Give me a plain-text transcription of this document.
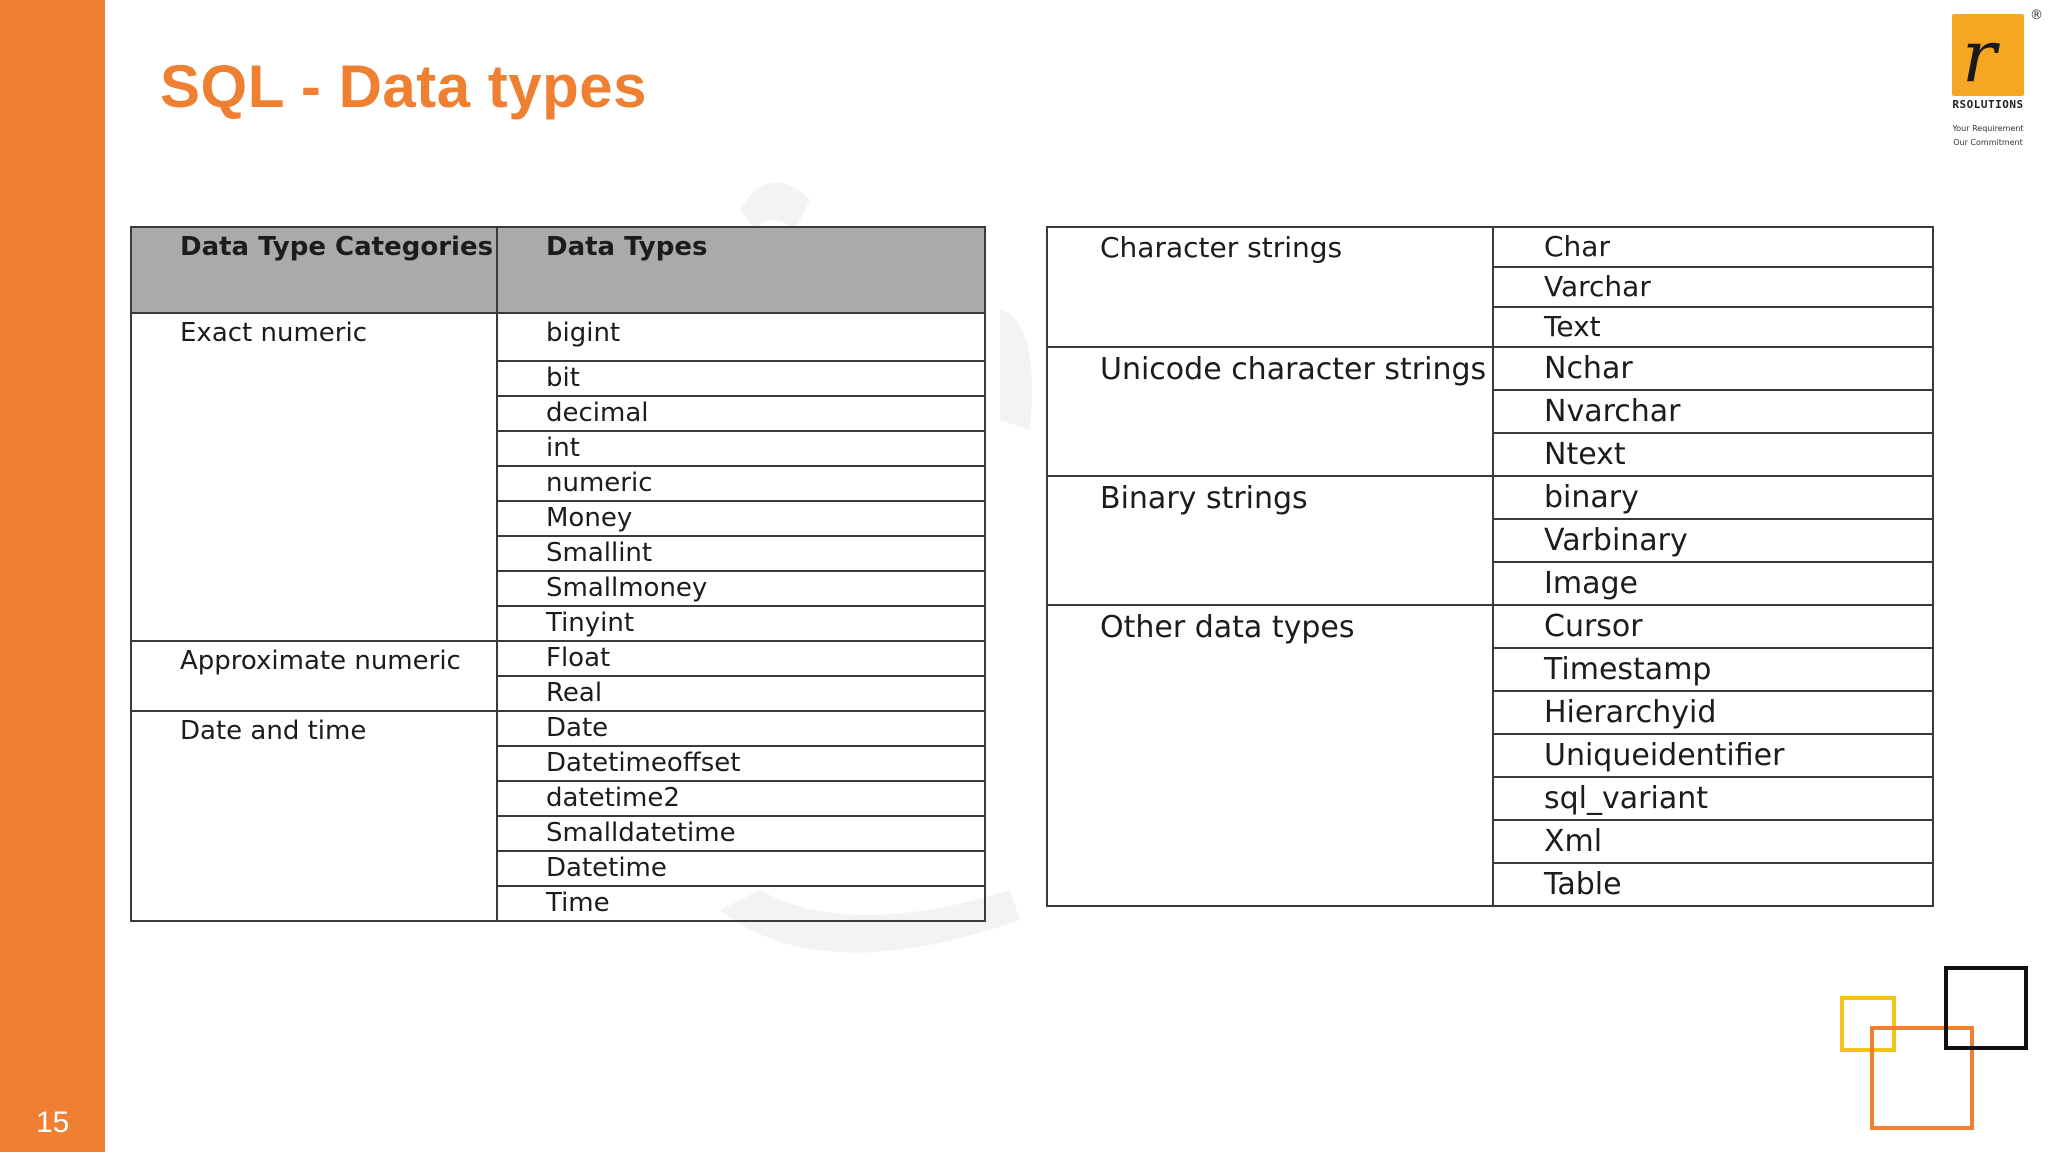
15
SQL - Data types	r	®
RSOLUTIONS
Your Requirement
Our Commitment
Data Type Categories	Data Types
Exact numeric	bigint
	bit
	decimal
	int
	numeric
	Money
	Smallint
	Smallmoney
	Tinyint
Approximate numeric	Float
	Real
Date and time	Date
	Datetimeoffset
	datetime2
	Smalldatetime
	Datetime
	Time
Character strings	Char
	Varchar
	Text
Unicode character strings	Nchar
	Nvarchar
	Ntext
Binary strings	binary
	Varbinary
	Image
Other data types	Cursor
	Timestamp
	Hierarchyid
	Uniqueidentifier
	sql_variant
	Xml
	Table
